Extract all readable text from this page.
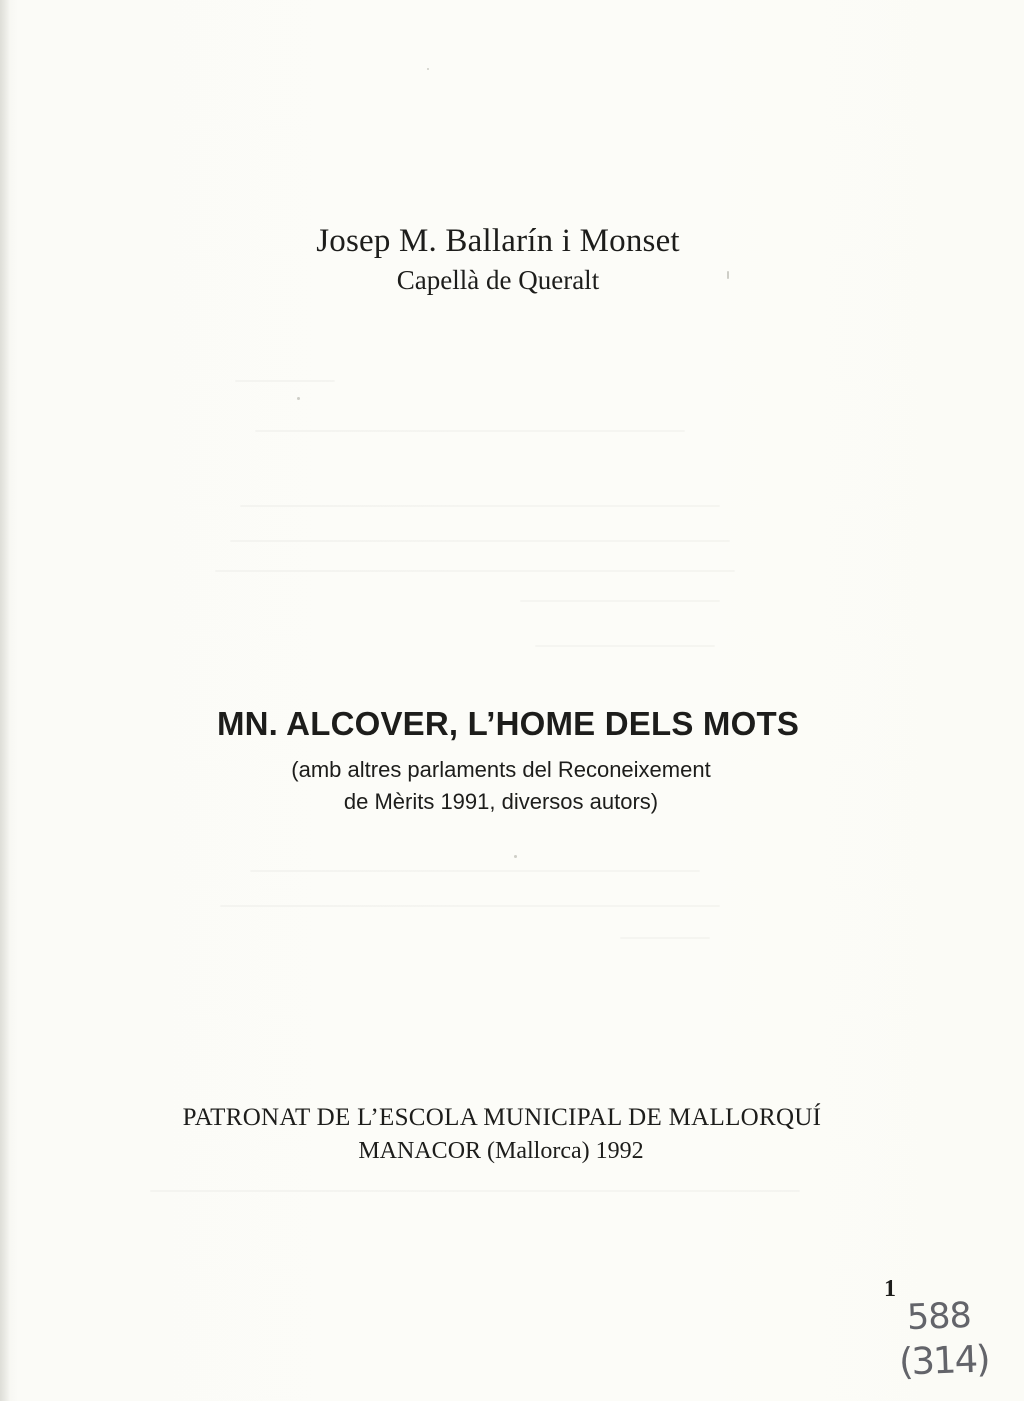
Josep M. Ballarín i Monset
Capellà de Queralt
MN. ALCOVER, L’HOME DELS MOTS
(amb altres parlaments del Reconeixement
de Mèrits 1991, diversos autors)
PATRONAT DE L’ESCOLA MUNICIPAL DE MALLORQUÍ
MANACOR (Mallorca) 1992
1
588
(314)
